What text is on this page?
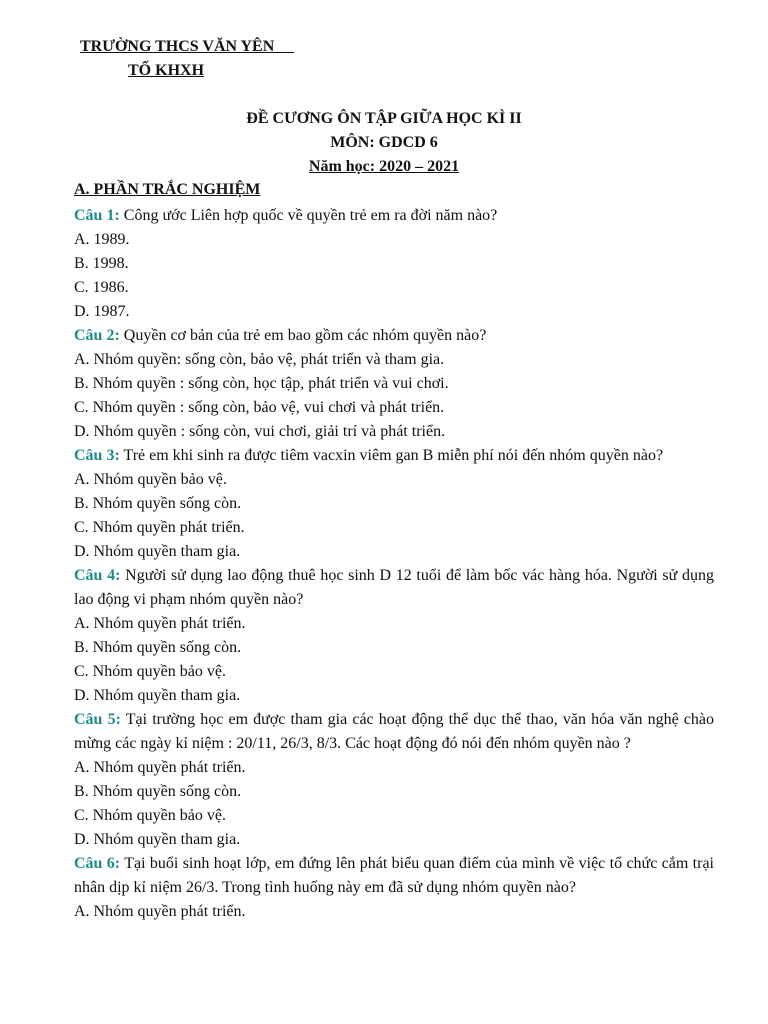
TRƯỜNG THCS VĂN YÊN
TỔ KHXH
ĐỀ CƯƠNG ÔN TẬP GIỮA HỌC KÌ II
MÔN: GDCD 6
Năm học: 2020 – 2021
A. PHẦN TRẮC NGHIỆM
Câu 1: Công ước Liên hợp quốc về quyền trẻ em ra đời năm nào?
A. 1989.
B. 1998.
C. 1986.
D. 1987.
Câu 2: Quyền cơ bản của trẻ em bao gồm các nhóm quyền nào?
A. Nhóm quyền: sống còn, bảo vệ, phát triển và tham gia.
B. Nhóm quyền : sống còn, học tập, phát triển và vui chơi.
C. Nhóm quyền : sống còn, bảo vệ, vui chơi và phát triển.
D. Nhóm quyền : sống còn, vui chơi, giải trí và phát triển.
Câu 3: Trẻ em khi sinh ra được tiêm vacxin viêm gan B miễn phí nói đến nhóm quyền nào?
A. Nhóm quyền bảo vệ.
B. Nhóm quyền sống còn.
C. Nhóm quyền phát triển.
D. Nhóm quyền tham gia.
Câu 4: Người sử dụng lao động thuê học sinh D 12 tuổi để làm bốc vác hàng hóa. Người sử dụng lao động vi phạm nhóm quyền nào?
A. Nhóm quyền phát triển.
B. Nhóm quyền sống còn.
C. Nhóm quyền bảo vệ.
D. Nhóm quyền tham gia.
Câu 5: Tại trường học em được tham gia các hoạt động thể dục thể thao, văn hóa văn nghệ chào mừng các ngày kỉ niệm : 20/11, 26/3, 8/3. Các hoạt động đó nói đến nhóm quyền nào ?
A. Nhóm quyền phát triển.
B. Nhóm quyền sống còn.
C. Nhóm quyền bảo vệ.
D. Nhóm quyền tham gia.
Câu 6: Tại buổi sinh hoạt lớp, em đứng lên phát biểu quan điểm của mình về việc tổ chức cắm trại nhân dịp kỉ niệm 26/3. Trong tình huống này em đã sử dụng nhóm quyền nào?
A. Nhóm quyền phát triển.
